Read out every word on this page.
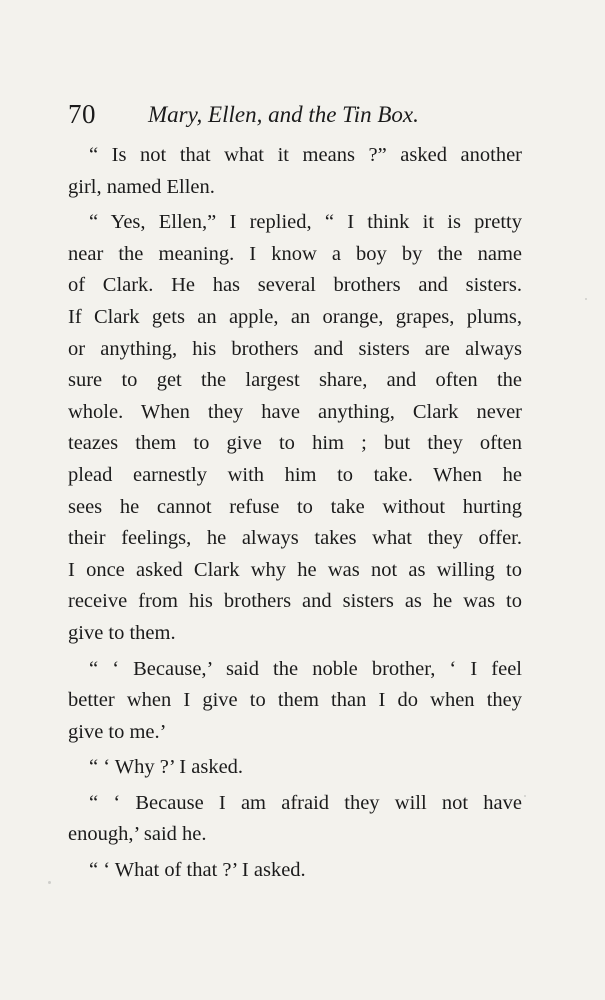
70 Mary, Ellen, and the Tin Box.
“ Is not that what it means ?” asked another
girl, named Ellen.
“ Yes, Ellen,” I replied, “ I think it is pretty
near the meaning. I know a boy by the name
of Clark. He has several brothers and sisters.
If Clark gets an apple, an orange, grapes, plums,
or anything, his brothers and sisters are always
sure to get the largest share, and often the
whole. When they have anything, Clark never
teazes them to give to him ; but they often
plead earnestly with him to take. When he
sees he cannot refuse to take without hurting
their feelings, he always takes what they offer.
I once asked Clark why he was not as willing to
receive from his brothers and sisters as he was to
give to them.
“ ‘ Because,’ said the noble brother, ‘ I feel
better when I give to them than I do when they
give to me.’
“ ‘ Why ?’ I asked.
“ ‘ Because I am afraid they will not have
enough,’ said he.
“ ‘ What of that ?’ I asked.
